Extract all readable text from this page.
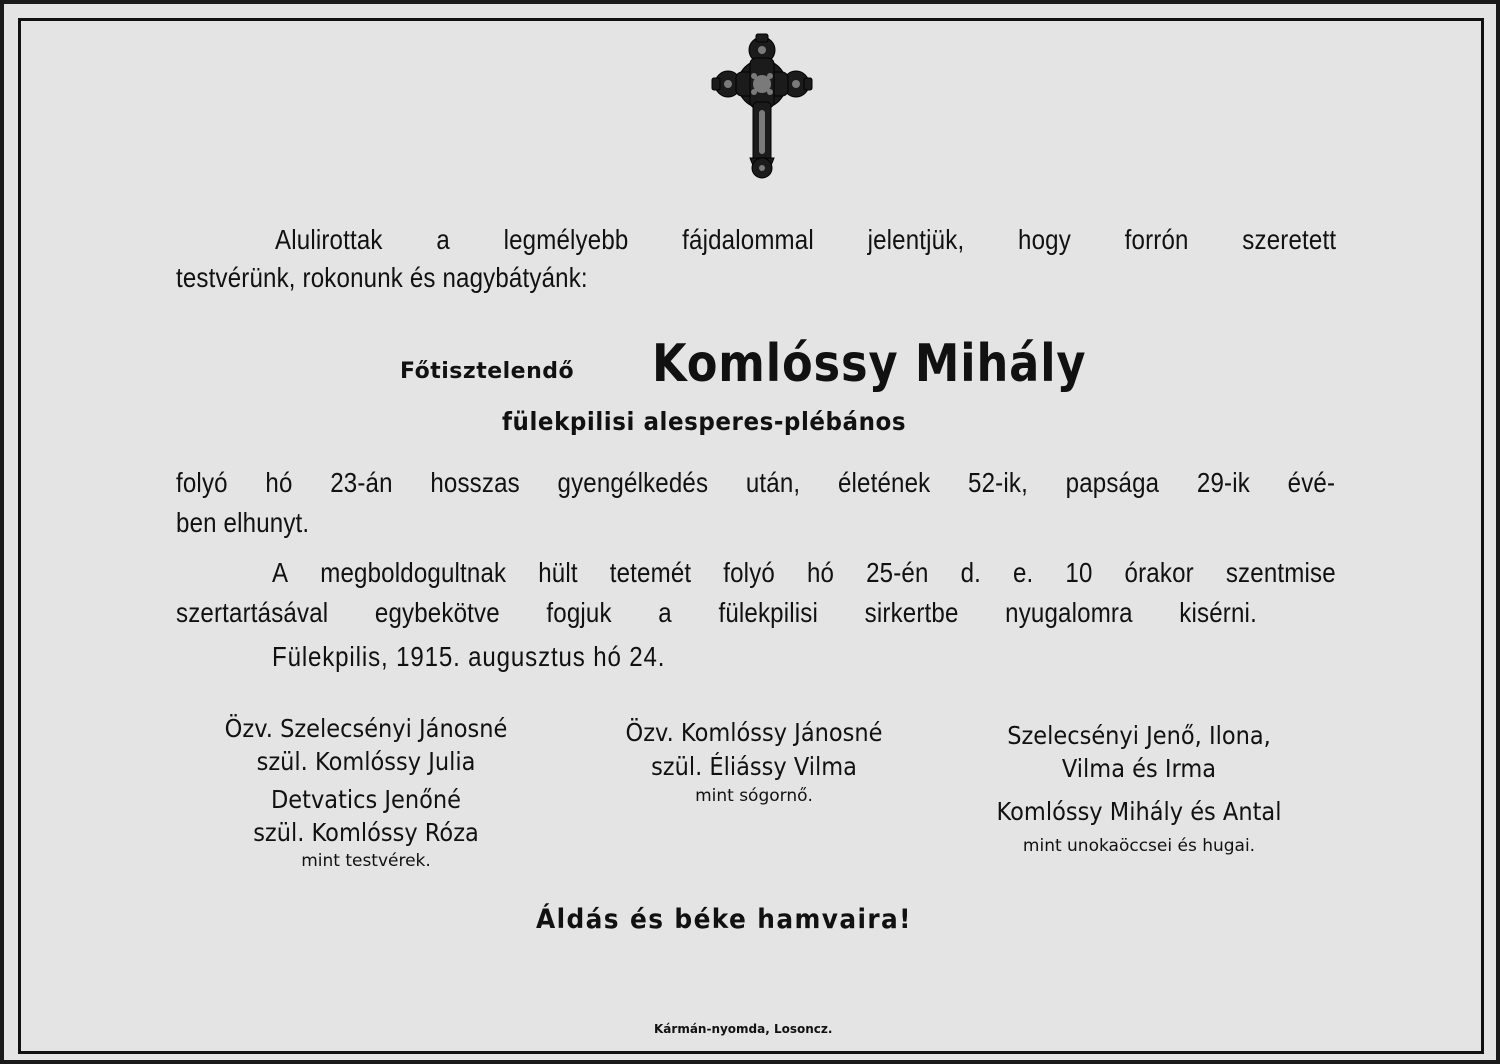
Alulirottak a legmélyebb fájdalommal jelentjük, hogy forrón szeretett
testvérünk, rokonunk és nagybátyánk:
Főtisztelendő Komlóssy Mihály
fülekpilisi alesperes-plébános
folyó hó 23-án hosszas gyengélkedés után, életének 52-ik, papsága 29-ik évé-
ben elhunyt.
A megboldogultnak hült tetemét folyó hó 25-én d. e. 10 órakor szentmise
szertartásával egybekötve fogjuk a fülekpilisi sirkertbe nyugalomra kisérni.
Fülekpilis, 1915. augusztus hó 24.
Özv. Szelecsényi Jánosné
szül. Komlóssy Julia
Detvatics Jenőné
szül. Komlóssy Róza
mint testvérek.
Özv. Komlóssy Jánosné
szül. Éliássy Vilma
mint sógornő.
Szelecsényi Jenő, Ilona,
Vilma és Irma
Komlóssy Mihály és Antal
mint unokaöccsei és hugai.
Áldás és béke hamvaira!
Kármán-nyomda, Losoncz.
